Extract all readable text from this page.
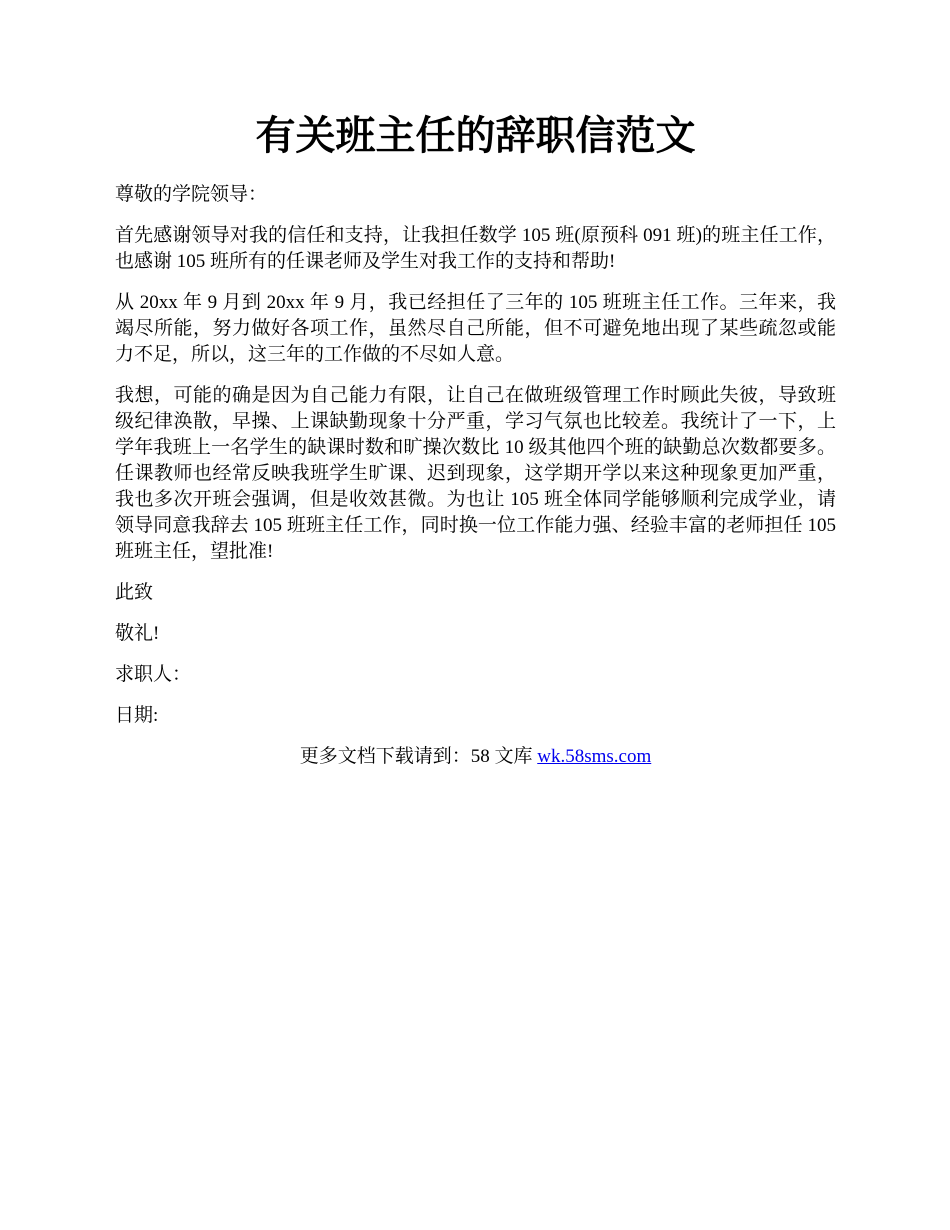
有关班主任的辞职信范文

尊敬的学院领导：

首先感谢领导对我的信任和支持，让我担任数学 105 班(原预科 091 班)的班主任工作，也感谢 105 班所有的任课老师及学生对我工作的支持和帮助!

从 20xx 年 9 月到 20xx 年 9 月，我已经担任了三年的 105 班班主任工作。三年来，我竭尽所能，努力做好各项工作，虽然尽自己所能，但不可避免地出现了某些疏忽或能力不足，所以，这三年的工作做的不尽如人意。

我想，可能的确是因为自己能力有限，让自己在做班级管理工作时顾此失彼，导致班级纪律涣散，早操、上课缺勤现象十分严重，学习气氛也比较差。我统计了一下，上学年我班上一名学生的缺课时数和旷操次数比 10 级其他四个班的缺勤总次数都要多。任课教师也经常反映我班学生旷课、迟到现象，这学期开学以来这种现象更加严重，我也多次开班会强调，但是收效甚微。为也让 105 班全体同学能够顺利完成学业，请领导同意我辞去 105 班班主任工作，同时换一位工作能力强、经验丰富的老师担任 105 班班主任，望批准!

此致

敬礼!

求职人：

日期:

更多文档下载请到：58 文库 wk.58sms.com
